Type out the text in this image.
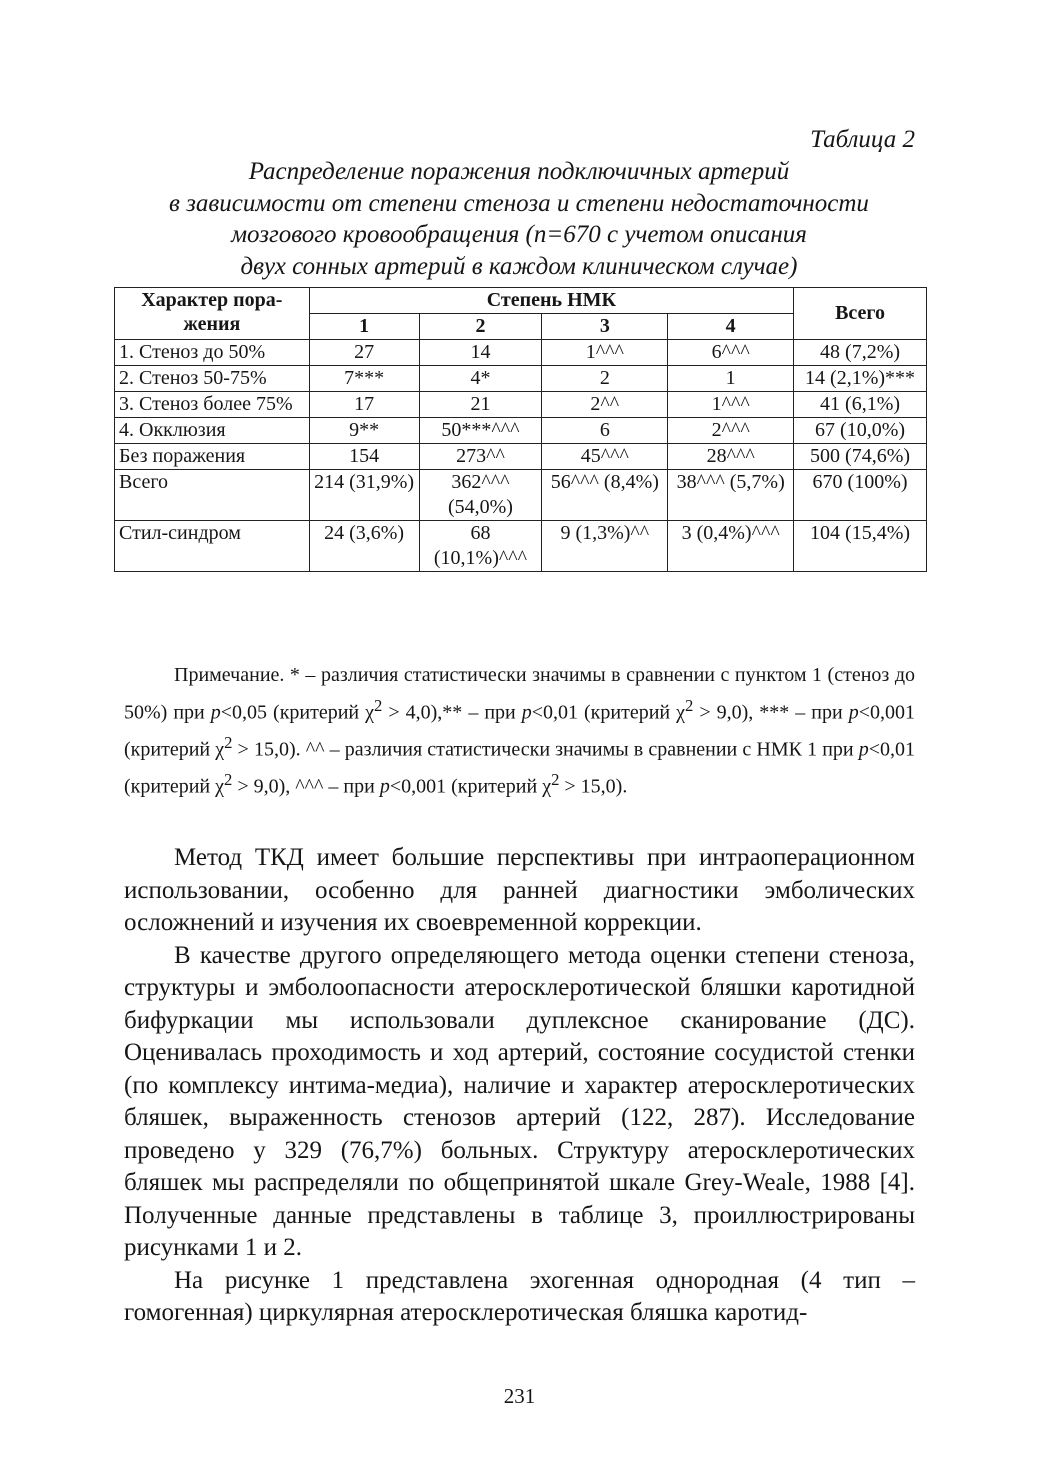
Таблица 2
Распределение поражения подключичных артерий
в зависимости от степени стеноза и степени недостаточности
мозгового кровообращения (n=670 с учетом описания
двух сонных артерий в каждом клиническом случае)
Характер пора-жения	Степень НМК				Всего
	1	2	3	4	
1. Стеноз до 50%	27	14	1^^^	6^^^	48 (7,2%)
2. Стеноз 50-75%	7***	4*	2	1	14 (2,1%)***
3. Стеноз более 75%	17	21	2^^	1^^^	41 (6,1%)
4. Окклюзия	9**	50***^^^	6	2^^^	67 (10,0%)
Без поражения	154	273^^	45^^^	28^^^	500 (74,6%)
Всего	214 (31,9%)	362^^^ (54,0%)	56^^^ (8,4%)	38^^^ (5,7%)	670 (100%)
Стил-синдром	24 (3,6%)	68 (10,1%)^^^	9 (1,3%)^^	3 (0,4%)^^^	104 (15,4%)

Примечание. * – различия статистически значимы в сравнении с пунктом 1 (стеноз до 50%) при p<0,05 (критерий $\chi^2 > 4,0),**$ – при p<0,01 (критерий $\chi^2 > 9,0$), *** – при p<0,001 (критерий $\chi^2 > 15,0$). ^^ – различия статистически значимы в сравнении с НМК 1 при p<0,01 (критерий $\chi^2 > 9,0$), ^^^ – при p<0,001 (критерий $\chi^2 > 15,0$).

Метод ТКД имеет большие перспективы при интраоперационном использовании, особенно для ранней диагностики эмболических осложнений и изучения их своевременной коррекции.

В качестве другого определяющего метода оценки степени стеноза, структуры и эмболоопасности атеросклеротической бляшки каротидной бифуркации мы использовали дуплексное сканирование (ДС). Оценивалась проходимость и ход артерий, состояние сосудистой стенки (по комплексу интима-медиа), наличие и характер атеросклеротических бляшек, выраженность стенозов артерий (122, 287). Исследование проведено у 329 (76,7%) больных. Структуру атеросклеротических бляшек мы распределяли по общепринятой шкале Grey-Weale, 1988 [4]. Полученные данные представлены в таблице 3, проиллюстрированы рисунками 1 и 2.

На рисунке 1 представлена эхогенная однородная (4 тип – гомогенная) циркулярная атеросклеротическая бляшка каротид-

231
